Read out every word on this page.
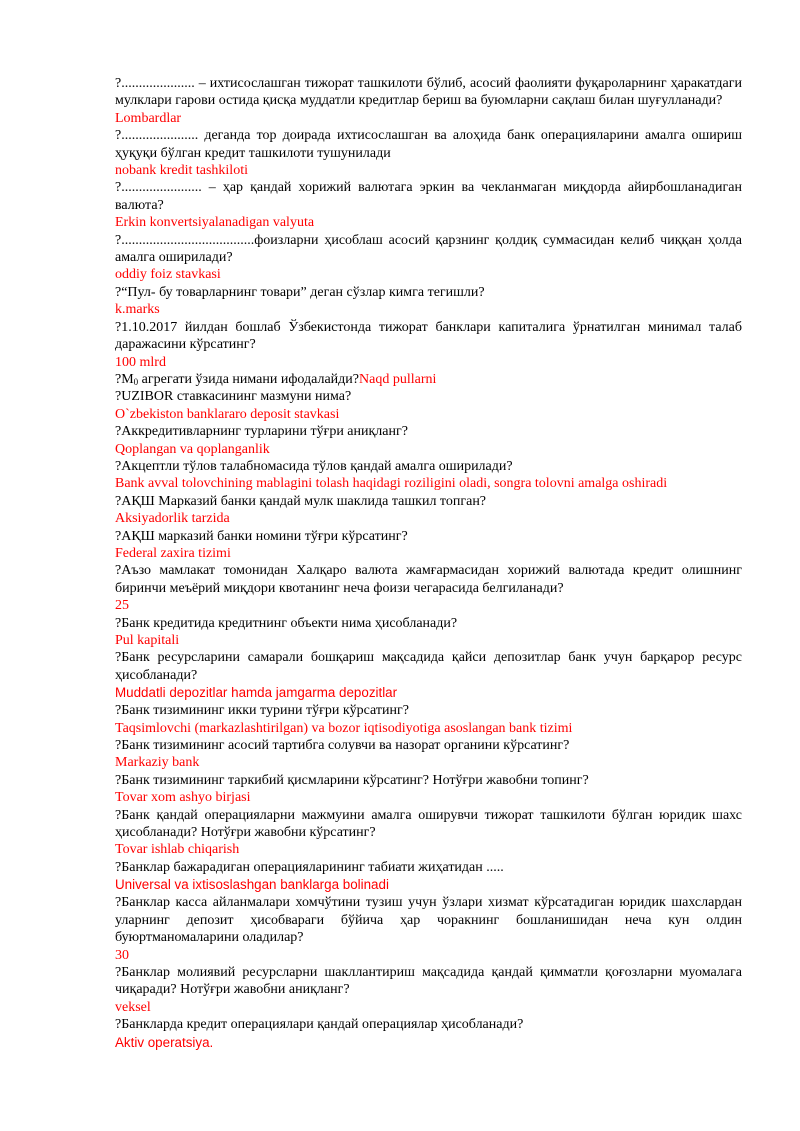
?..................... – ихтисослашган тижорат ташкилоти бўлиб, асосий фаолияти фуқароларнинг ҳаракатдаги мулклари гарови остида қисқа муддатли кредитлар бериш ва буюмларни сақлаш билан шуғулланади?
Lombardlar
?...................... деганда тор доирада ихтисослашган ва алоҳида банк операцияларини амалга ошириш ҳуқуқи бўлган кредит ташкилоти тушунилади
nobank kredit tashkiloti
?....................... – ҳар қандай хорижий валютага эркин ва чекланмаган миқдорда айирбошланадиган валюта?
Erkin konvertsiyalanadigan valyuta
?......................................фоизларни ҳисоблаш асосий қарзнинг қолдиқ суммасидан келиб чиққан ҳолда амалга оширилади?
oddiy foiz stavkasi
?“Пул- бу товарларнинг товари” деган сўзлар кимга тегишли?
k.marks
?1.10.2017 йилдан бошлаб Ўзбекистонда тижорат банклари капиталига ўрнатилган минимал талаб даражасини кўрсатинг?
100 mlrd
$?M_0$ агрегати ўзида нимани ифодалайди?Naqd pullarni
?UZIBOR ставкасининг мазмуни нима?
O`zbekiston banklararo deposit stavkasi
?Аккредитивларнинг турларини тўғри аниқланг?
Qoplangan va qoplanganlik
?Акцептли тўлов талабномасида тўлов қандай амалга оширилади?
Bank avval tolovchining mablagini tolash haqidagi roziligini oladi, songra tolovni amalga oshiradi
?АҚШ Марказий банки қандай мулк шаклида ташкил топган?
Aksiyadorlik tarzida
?АҚШ марказий банки номини тўғри кўрсатинг?
Federal zaxira tizimi
?Аъзо мамлакат томонидан Халқаро валюта жамғармасидан хорижий валютада кредит олишнинг биринчи меъёрий миқдори квотанинг неча фоизи чегарасида белгиланади?
25
?Банк кредитида кредитнинг объекти нима ҳисобланади?
Pul kapitali
?Банк ресурсларини самарали бошқариш мақсадида қайси депозитлар банк учун барқарор ресурс ҳисобланади?
Muddatli depozitlar hamda jamgarma depozitlar
?Банк тизимининг икки турини тўғри кўрсатинг?
Taqsimlovchi (markazlashtirilgan) va bozor iqtisodiyotiga asoslangan bank tizimi
?Банк тизимининг асосий тартибга солувчи ва назорат органини кўрсатинг?
Markaziy bank
?Банк тизимининг таркибий қисмларини кўрсатинг? Нотўғри жавобни топинг?
Tovar xom ashyo birjasi
?Банк қандай операцияларни мажмуини амалга оширувчи тижорат ташкилоти бўлган юридик шахс ҳисобланади? Нотўғри жавобни кўрсатинг?
Tovar ishlab chiqarish
?Банклар бажарадиган операцияларининг табиати жиҳатидан .....
Universal va ixtisoslashgan banklarga bolinadi
?Банклар касса айланмалари хомчўтини тузиш учун ўзлари хизмат кўрсатадиган юридик шахслардан уларнинг депозит ҳисобвараги бўйича ҳар чоракнинг бошланишидан неча кун олдин буюртманомаларини оладилар?
30
?Банклар молиявий ресурсларни шакллантириш мақсадида қандай қимматли қоғозларни муомалага чиқаради? Нотўғри жавобни аниқланг?
veksel
?Банкларда кредит операциялари қандай операциялар ҳисобланади?
Aktiv operatsiya.
